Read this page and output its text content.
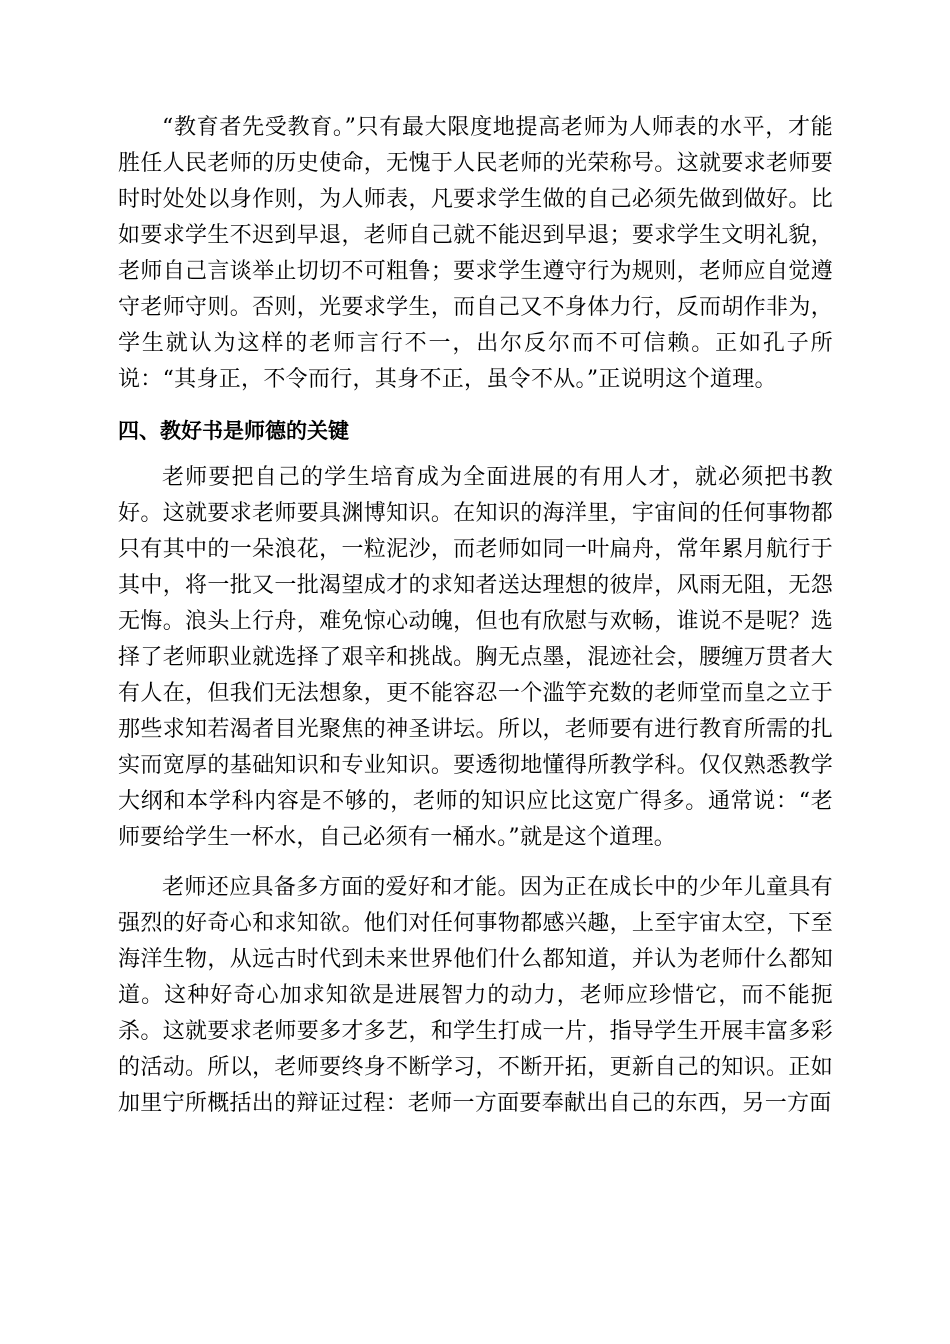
“教育者先受教育。”只有最大限度地提高老师为人师表的水平，才能胜任人民老师的历史使命，无愧于人民老师的光荣称号。这就要求老师要时时处处以身作则，为人师表，凡要求学生做的自己必须先做到做好。比如要求学生不迟到早退，老师自己就不能迟到早退；要求学生文明礼貌，老师自己言谈举止切切不可粗鲁；要求学生遵守行为规则，老师应自觉遵守老师守则。否则，光要求学生，而自己又不身体力行，反而胡作非为，学生就认为这样的老师言行不一，出尔反尔而不可信赖。正如孔子所说：“其身正，不令而行，其身不正，虽令不从。”正说明这个道理。

四、教好书是师德的关键

老师要把自己的学生培育成为全面进展的有用人才，就必须把书教好。这就要求老师要具渊博知识。在知识的海洋里，宇宙间的任何事物都只有其中的一朵浪花，一粒泥沙，而老师如同一叶扁舟，常年累月航行于其中，将一批又一批渴望成才的求知者送达理想的彼岸，风雨无阻，无怨无悔。浪头上行舟，难免惊心动魄，但也有欣慰与欢畅，谁说不是呢？选择了老师职业就选择了艰辛和挑战。胸无点墨，混迹社会，腰缠万贯者大有人在，但我们无法想象，更不能容忍一个滥竽充数的老师堂而皇之立于那些求知若渴者目光聚焦的神圣讲坛。所以，老师要有进行教育所需的扎实而宽厚的基础知识和专业知识。要透彻地懂得所教学科。仅仅熟悉教学大纲和本学科内容是不够的，老师的知识应比这宽广得多。通常说：“老师要给学生一杯水，自己必须有一桶水。”就是这个道理。

老师还应具备多方面的爱好和才能。因为正在成长中的少年儿童具有强烈的好奇心和求知欲。他们对任何事物都感兴趣，上至宇宙太空，下至海洋生物，从远古时代到未来世界他们什么都知道，并认为老师什么都知道。这种好奇心加求知欲是进展智力的动力，老师应珍惜它，而不能扼杀。这就要求老师要多才多艺，和学生打成一片，指导学生开展丰富多彩的活动。所以，老师要终身不断学习，不断开拓，更新自己的知识。正如加里宁所概括出的辩证过程：老师一方面要奉献出自己的东西，另一方面
